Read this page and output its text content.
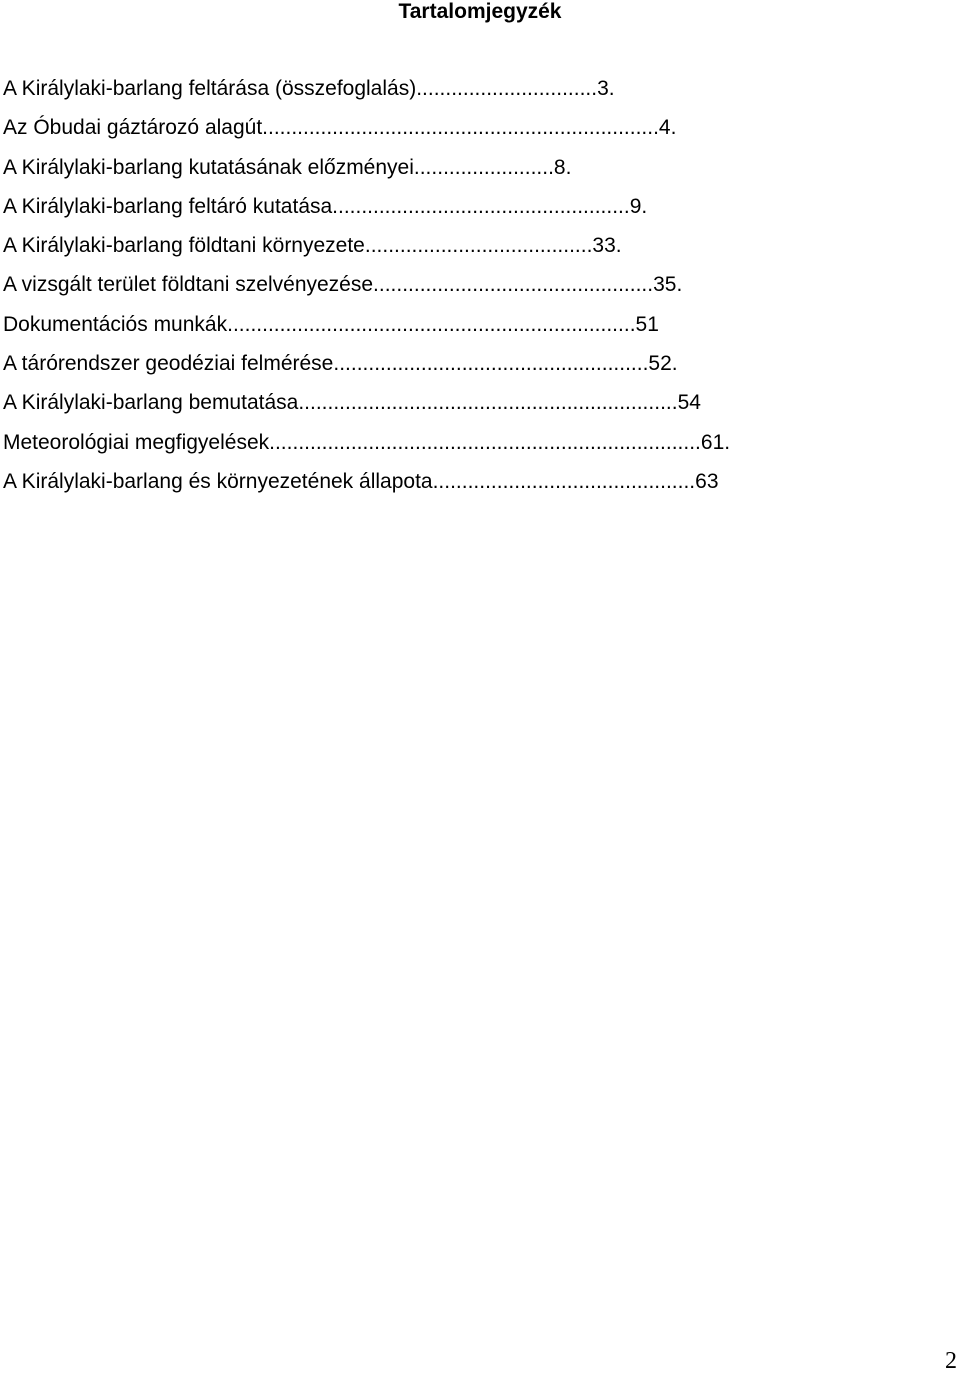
Tartalomjegyzék
A Királylaki-barlang feltárása (összefoglalás)...............................3.
Az Óbudai gáztározó alagút....................................................................4.
A Királylaki-barlang kutatásának előzményei........................8.
A Királylaki-barlang feltáró kutatása...................................................9.
A Királylaki-barlang földtani környezete.......................................33.
A vizsgált terület földtani szelvényezése................................................35.
Dokumentációs munkák......................................................................51
A tárórendszer geodéziai felmérése......................................................52.
A Királylaki-barlang bemutatása.................................................................54
Meteorológiai megfigyelések..........................................................................61.
A Királylaki-barlang és környezetének állapota.............................................63
2
